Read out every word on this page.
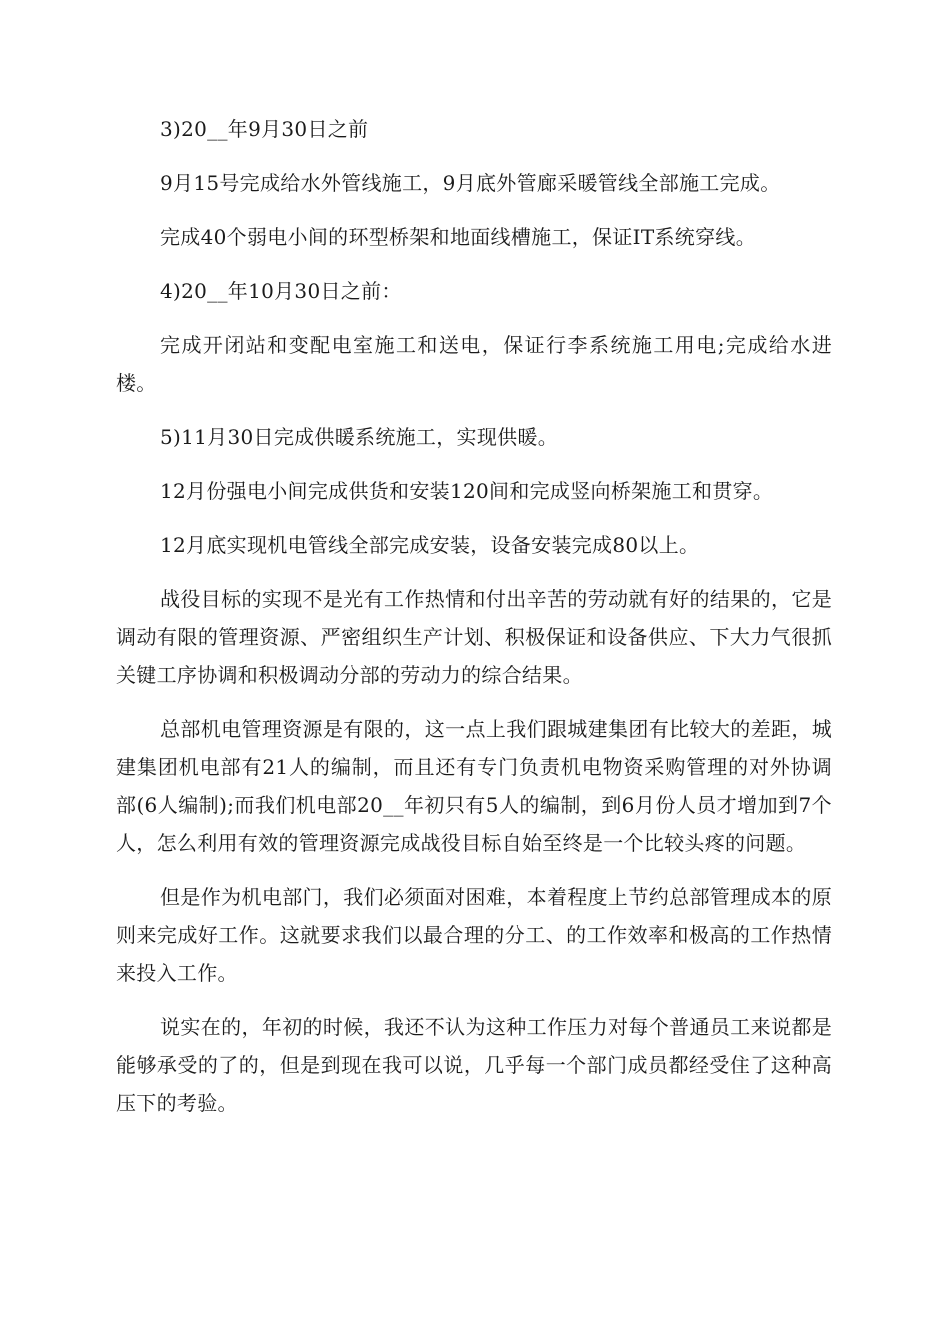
3)20__年9月30日之前

9月15号完成给水外管线施工，9月底外管廊采暖管线全部施工完成。

完成40个弱电小间的环型桥架和地面线槽施工，保证IT系统穿线。

4)20__年10月30日之前：

完成开闭站和变配电室施工和送电，保证行李系统施工用电;完成给水进楼。

5)11月30日完成供暖系统施工，实现供暖。

12月份强电小间完成供货和安装120间和完成竖向桥架施工和贯穿。

12月底实现机电管线全部完成安装，设备安装完成80以上。

战役目标的实现不是光有工作热情和付出辛苦的劳动就有好的结果的，它是调动有限的管理资源、严密组织生产计划、积极保证和设备供应、下大力气很抓关键工序协调和积极调动分部的劳动力的综合结果。

总部机电管理资源是有限的，这一点上我们跟城建集团有比较大的差距，城建集团机电部有21人的编制，而且还有专门负责机电物资采购管理的对外协调部(6人编制);而我们机电部20__年初只有5人的编制，到6月份人员才增加到7个人，怎么利用有效的管理资源完成战役目标自始至终是一个比较头疼的问题。

但是作为机电部门，我们必须面对困难，本着程度上节约总部管理成本的原则来完成好工作。这就要求我们以最合理的分工、的工作效率和极高的工作热情来投入工作。

说实在的，年初的时候，我还不认为这种工作压力对每个普通员工来说都是能够承受的了的，但是到现在我可以说，几乎每一个部门成员都经受住了这种高压下的考验。
